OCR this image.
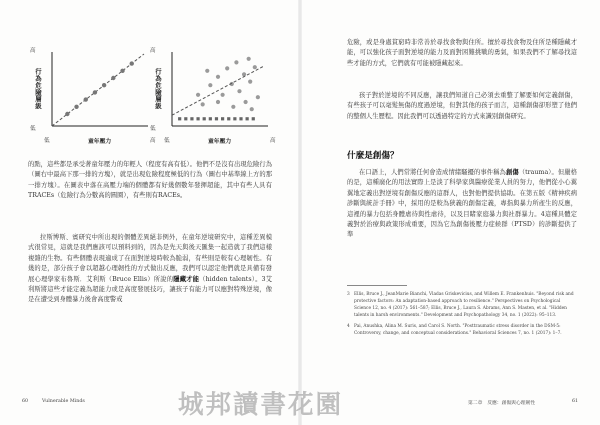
高
行為危險層級
低
低	童年壓力	高
高
行為危險層級
低
低	童年壓力	高

的點，這些都是承受著童年壓力的年輕人（程度有高有低）。他們不是沒有出現危險行為（圖右中最高下那一排的方塊），就是出現危險程度極低的行為（圖右中基準線上方的那一排方塊）。在圖表中落在高壓力端的個體都有好幾個數年發揮超能，其中有些人具有TRACEs（危險行為分數高的圓圈），有些則有RACEs。

拉斯博斯、賓研究中所出現的個體差異絕非例外，在童年逆境研究中，這種差異模式很常見，這就是我們應該可以預料到的，因為是先天與後天匯集一起造就了我們這樣複雜的生物。有些個體表現適成了在面對逆境時較為脆弱，有些則是較有心理韌性。有幾的是，部分孩子會以超越心理韌性的方式做出反應，我們可以認定他們就是具備有發展心理學家布魯斯．艾利斯（Bruce Ellis）所說的隱藏才能（hidden talents）。3艾利斯將這些才能定義為超能力或是高度發展技巧，讓孩子有能力可以應對特殊逆境，像是在遭受到身體暴力後會高度警戒

60	Vulnerable Minds

危險，或是身處貧窮時非常善於尋找食物與住所。擅於尋找食物及住所是種隱藏才能，可以強化孩子面對逆境的能力及面對困難挑戰的勇氣，如果我們不了解尋找這些才能的方式，它們就有可能被隱藏起來。

孩子對於逆境的不同反應，讓我們知道自己必須去重整了解要如何定義創傷，有些孩子可以毫髮無傷的度過逆境，但對其他的孩子而言，這種創傷卻形塑了他們的整個人生歷程。因此我們可以透過特定的方式來識別創傷研究。

什麼是創傷？

在口語上，人們常將任何會造成情緒騷擾的事件稱為創傷（trauma）。但嚴格的是，這種廣化的用法實際上是淡了科學家與醫療從業人員的努力，他們從小心翼翼地定義出對逆境有創傷反應的這群人，也對他們提供協助。在第五版《精神疾病診斷與統計手冊》中，採用的是較為狹義的創傷定義，專指與暴力所產生的反應，這裡的暴力包括身體虐待與性虐待，以及目睹家庭暴力與社群暴力。4這種具體定義對於治療與政策形成重要，因為它為創傷後壓力症候群（PTSD）的診斷提供了準

3 Ellis, Bruce J., JeanMarie Bianchi, Vladas Griskevicius, and Willem E. Frankenhuis. "Beyond risk and protective factors: An adaptation-based approach to resilience." Perspectives on Psychological Science 12, no. 4 (2017): 561–587; Ellis, Bruce J., Laura S. Abrams, Ann S. Masten, et al. "Hidden talents in harsh environments." Development and Psychopathology 34, no. 1 (2022): 95–113.
4 Pai, Anushka, Alina M. Suris, and Carol S. North. "Posttraumatic stress disorder in the DSM-5: Controversy, change, and conceptual considerations." Behavioral Sciences 7, no. 1 (2017): 1–7.
第二章　反應：創傷與心理韌性	61
城邦讀書花園
